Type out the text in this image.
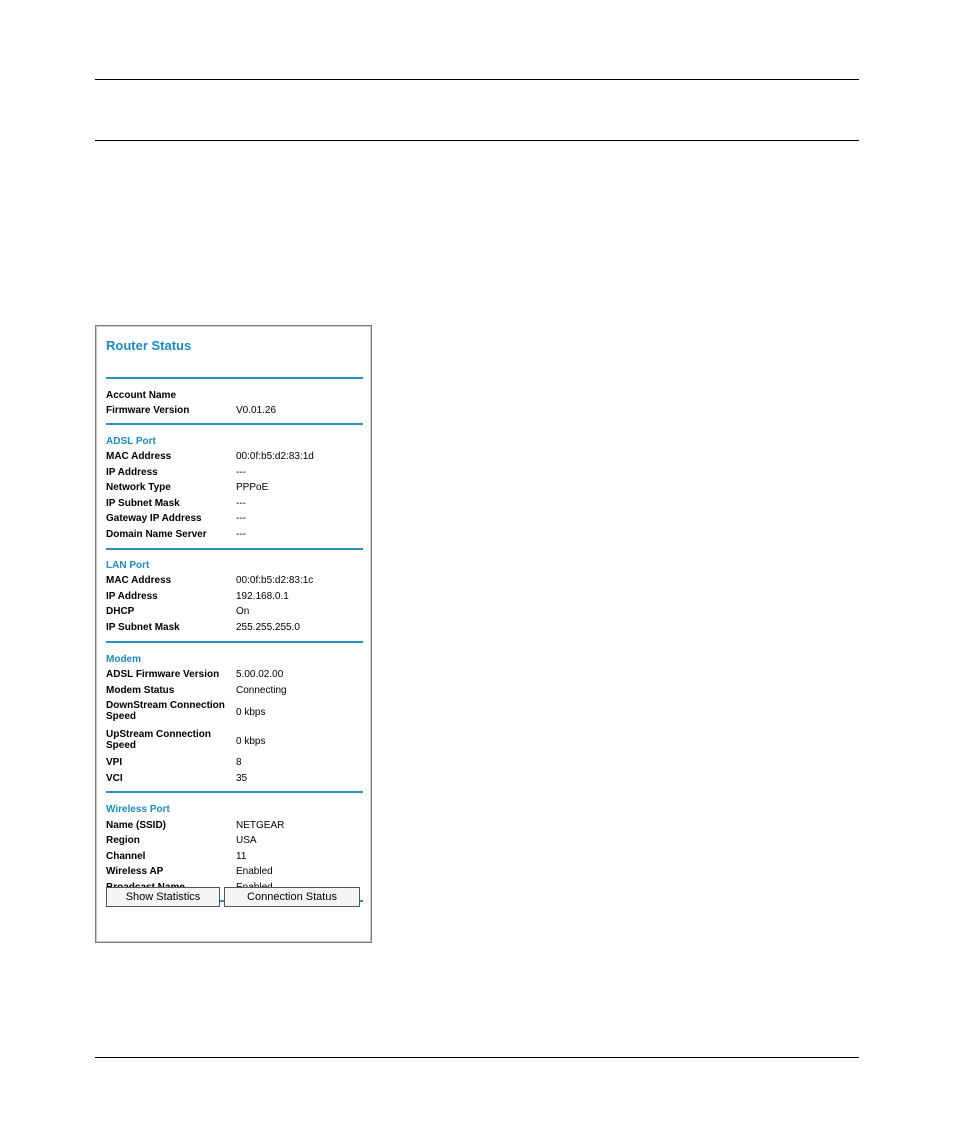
Router Status
Account Name
Firmware Version	V0.01.26
ADSL Port
MAC Address	00:0f:b5:d2:83:1d
IP Address	---
Network Type	PPPoE
IP Subnet Mask	---
Gateway IP Address	---
Domain Name Server	---
LAN Port
MAC Address	00:0f:b5:d2:83:1c
IP Address	192.168.0.1
DHCP	On
IP Subnet Mask	255.255.255.0
Modem
ADSL Firmware Version	5.00.02.00
Modem Status	Connecting
DownStream Connection Speed	0 kbps
UpStream Connection Speed	0 kbps
VPI	8
VCI	35
Wireless Port
Name (SSID)	NETGEAR
Region	USA
Channel	11
Wireless AP	Enabled
Show Statistics	Connection Status
